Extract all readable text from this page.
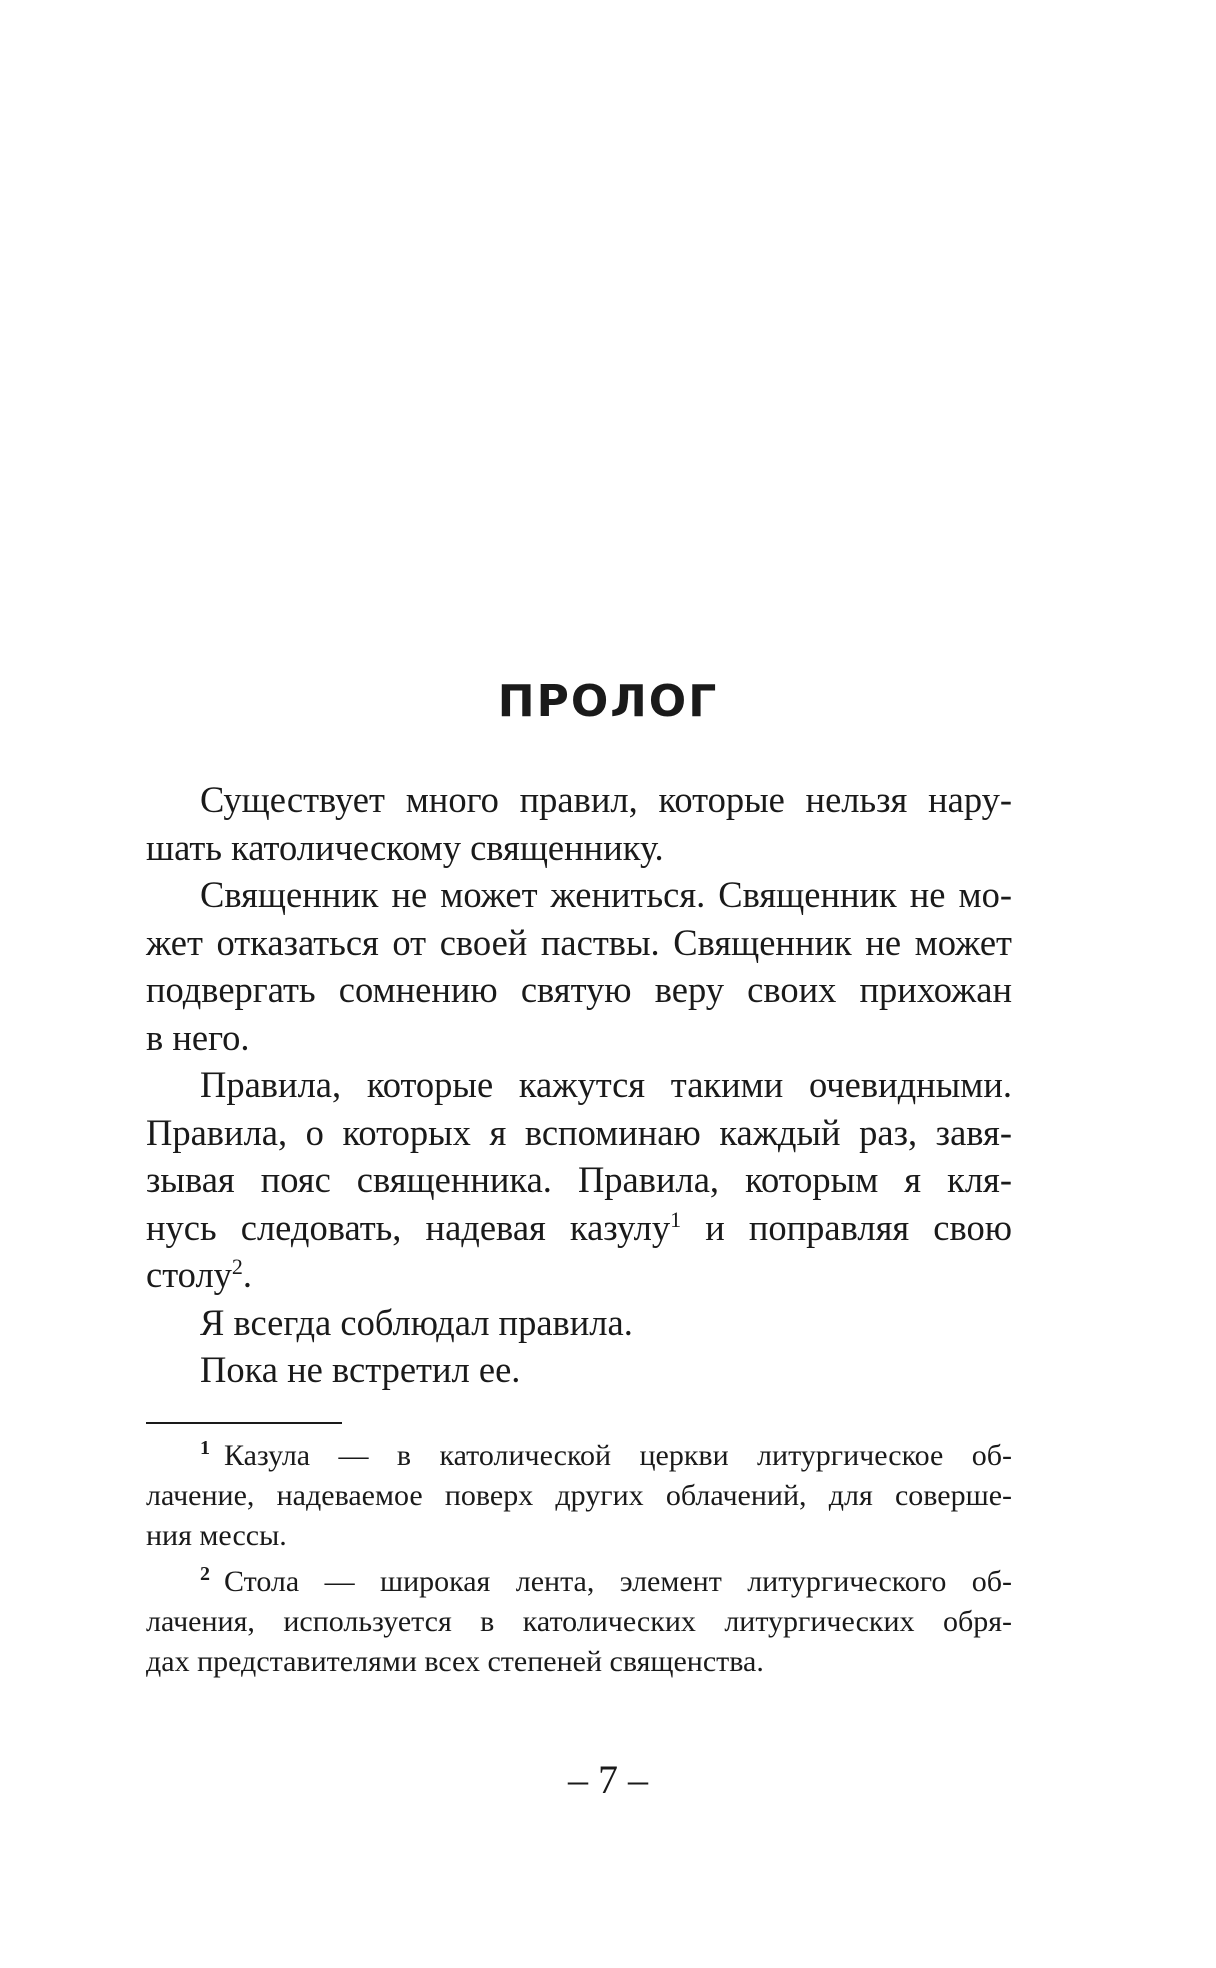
ПРОЛОГ
Существует много правил, которые нельзя нару-
шать католическому священнику.
Священник не может жениться. Священник не мо-
жет отказаться от своей паствы. Священник не может
подвергать сомнению святую веру своих прихожан
в него.
Правила, которые кажутся такими очевидными.
Правила, о которых я вспоминаю каждый раз, завя-
зывая пояс священника. Правила, которым я кля-
нусь следовать, надевая казулу$^1$ и поправляя свою
столу$^2$.
Я всегда соблюдал правила.
Пока не встретил ее.
$^1$ Казула — в католической церкви литургическое об-
лачение, надеваемое поверх других облачений, для совершe-
ния мессы.
$^2$ Стола — широкая лента, элемент литургического об-
лачения, используется в католических литургических обря-
дах представителями всех степеней священства.
– 7 –
